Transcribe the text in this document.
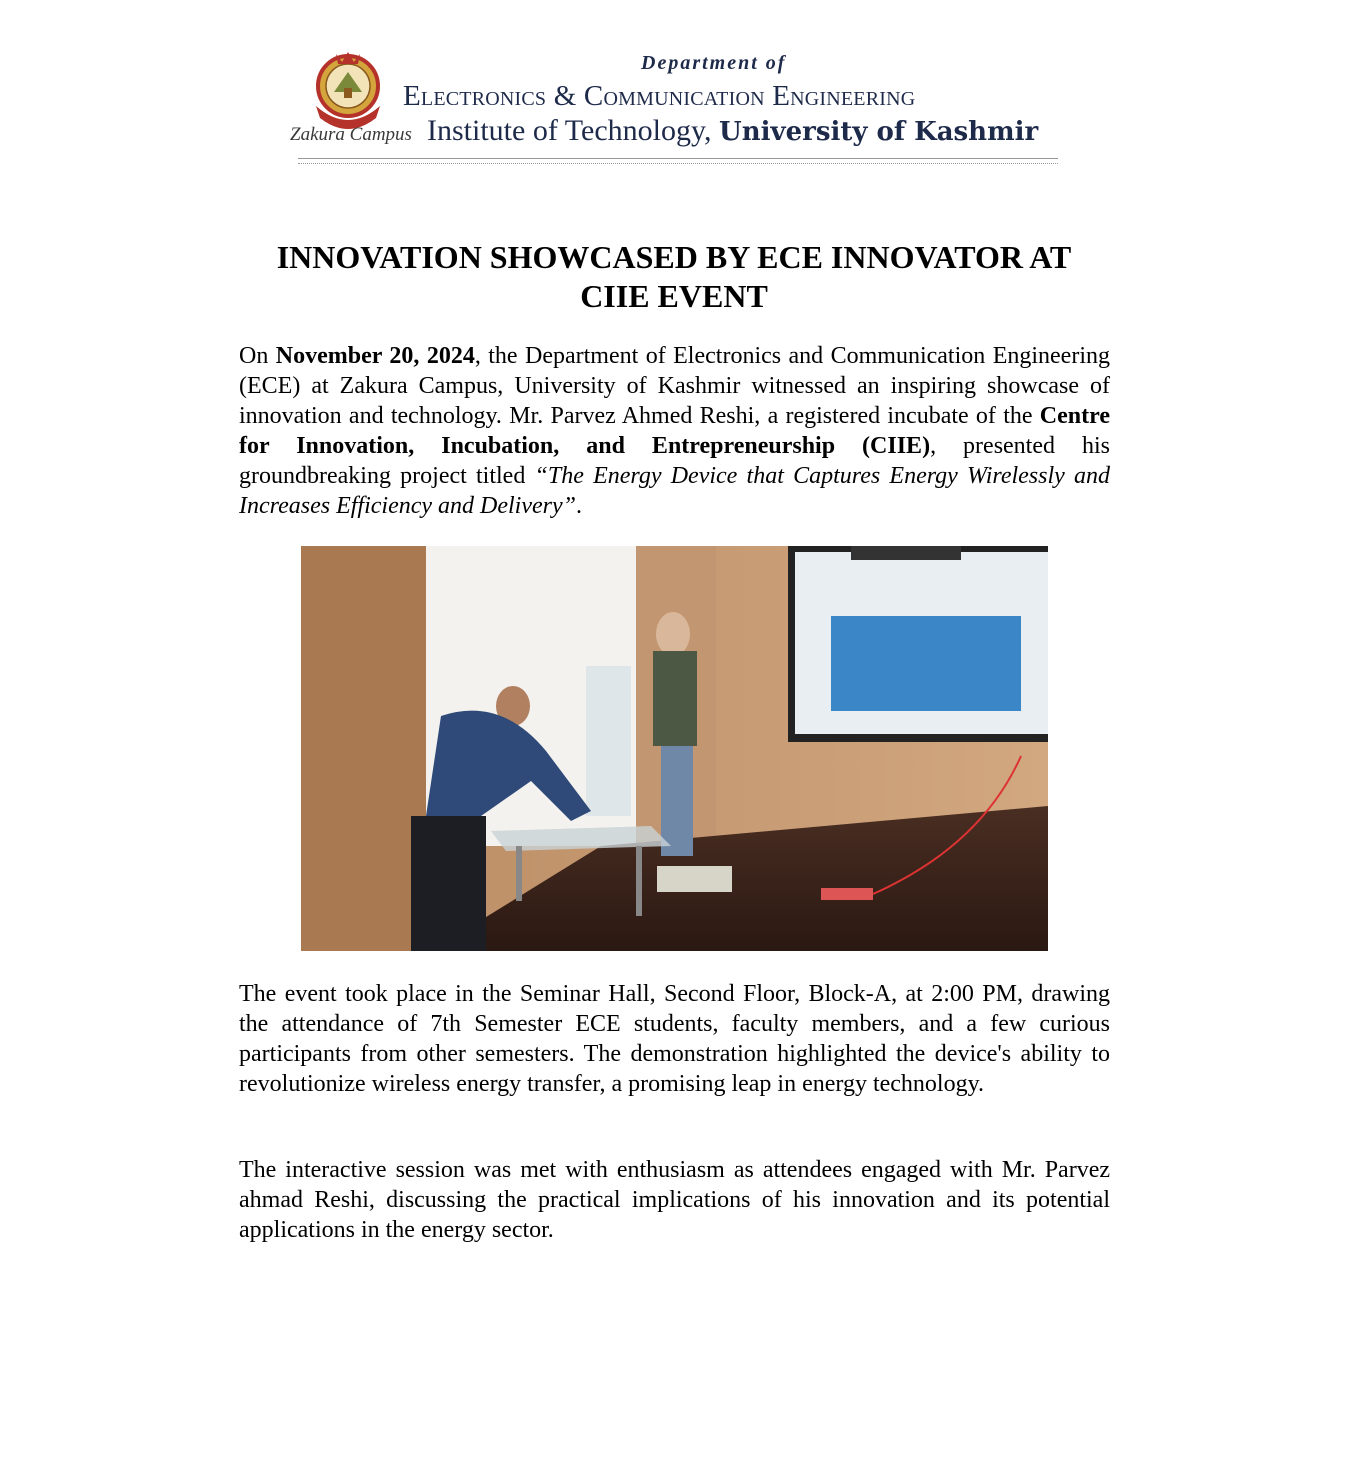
Zakura Campus
Department of
Electronics & Communication Engineering
Institute of Technology, University of Kashmir
INNOVATION SHOWCASED BY ECE INNOVATOR AT
CIIE EVENT
On November 20, 2024, the Department of Electronics and Communication Engineering (ECE) at Zakura Campus, University of Kashmir witnessed an inspiring showcase of innovation and technology. Mr. Parvez Ahmed Reshi, a registered incubate of the Centre for Innovation, Incubation, and Entrepreneurship (CIIE), presented his groundbreaking project titled “The Energy Device that Captures Energy Wirelessly and Increases Efficiency and Delivery”.
The event took place in the Seminar Hall, Second Floor, Block-A, at 2:00 PM, drawing the attendance of 7th Semester ECE students, faculty members, and a few curious participants from other semesters. The demonstration highlighted the device's ability to revolutionize wireless energy transfer, a promising leap in energy technology.
The interactive session was met with enthusiasm as attendees engaged with Mr. Parvez ahmad Reshi, discussing the practical implications of his innovation and its potential applications in the energy sector.
